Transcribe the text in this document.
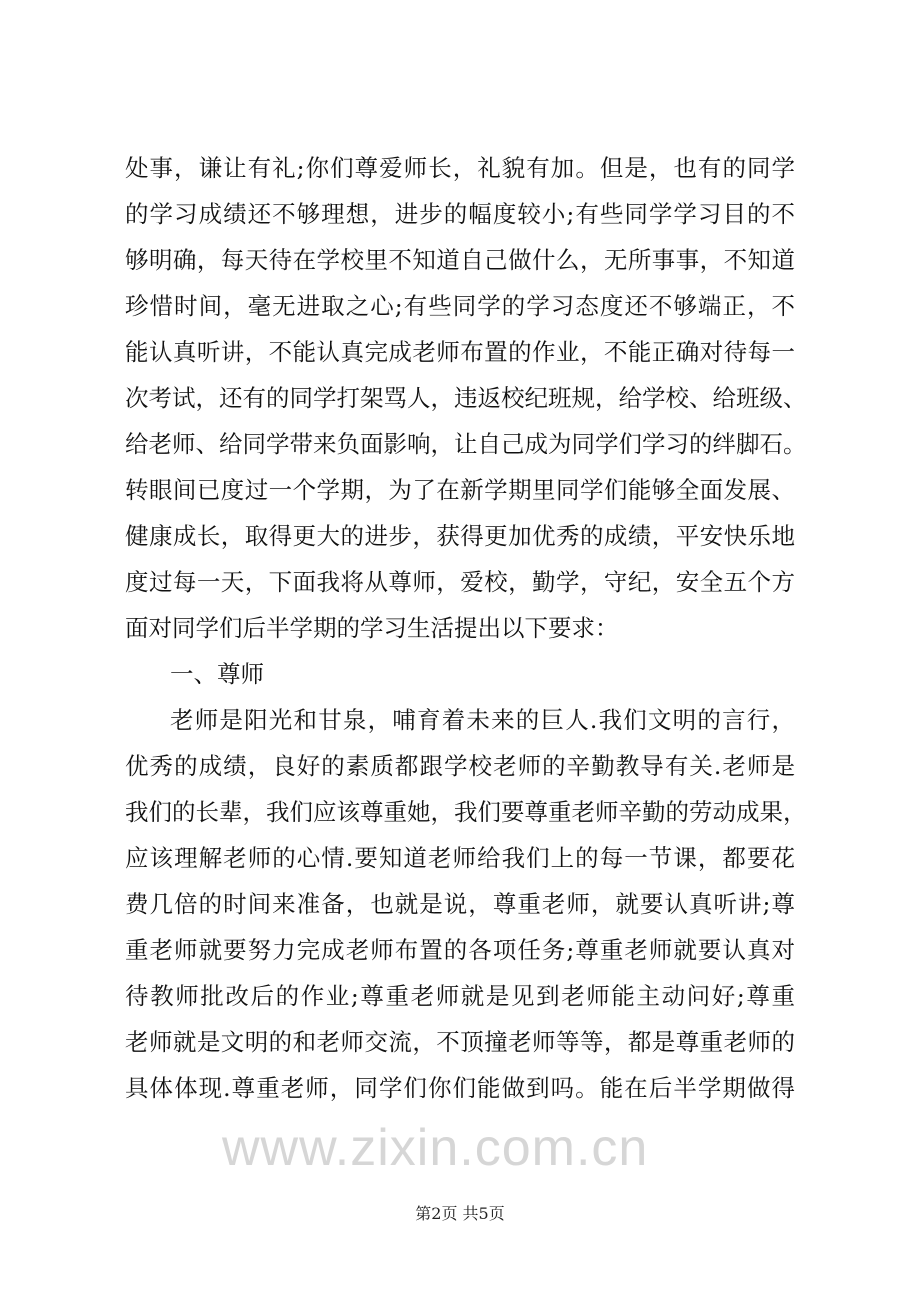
www.zixin.com.cn
处事，谦让有礼;你们尊爱师长，礼貌有加。但是，也有的同学
的学习成绩还不够理想，进步的幅度较小;有些同学学习目的不
够明确，每天待在学校里不知道自己做什么，无所事事，不知道
珍惜时间，毫无进取之心;有些同学的学习态度还不够端正，不
能认真听讲，不能认真完成老师布置的作业，不能正确对待每一
次考试，还有的同学打架骂人，违返校纪班规，给学校、给班级、
给老师、给同学带来负面影响，让自己成为同学们学习的绊脚石。
转眼间已度过一个学期，为了在新学期里同学们能够全面发展、
健康成长，取得更大的进步，获得更加优秀的成绩，平安快乐地
度过每一天，下面我将从尊师，爱校，勤学，守纪，安全五个方
面对同学们后半学期的学习生活提出以下要求：
一、尊师
老师是阳光和甘泉，哺育着未来的巨人.我们文明的言行，
优秀的成绩，良好的素质都跟学校老师的辛勤教导有关.老师是
我们的长辈，我们应该尊重她，我们要尊重老师辛勤的劳动成果，
应该理解老师的心情.要知道老师给我们上的每一节课，都要花
费几倍的时间来准备，也就是说，尊重老师，就要认真听讲;尊
重老师就要努力完成老师布置的各项任务;尊重老师就要认真对
待教师批改后的作业;尊重老师就是见到老师能主动问好;尊重
老师就是文明的和老师交流，不顶撞老师等等，都是尊重老师的
具体体现.尊重老师，同学们你们能做到吗。能在后半学期做得
第2页 共5页
